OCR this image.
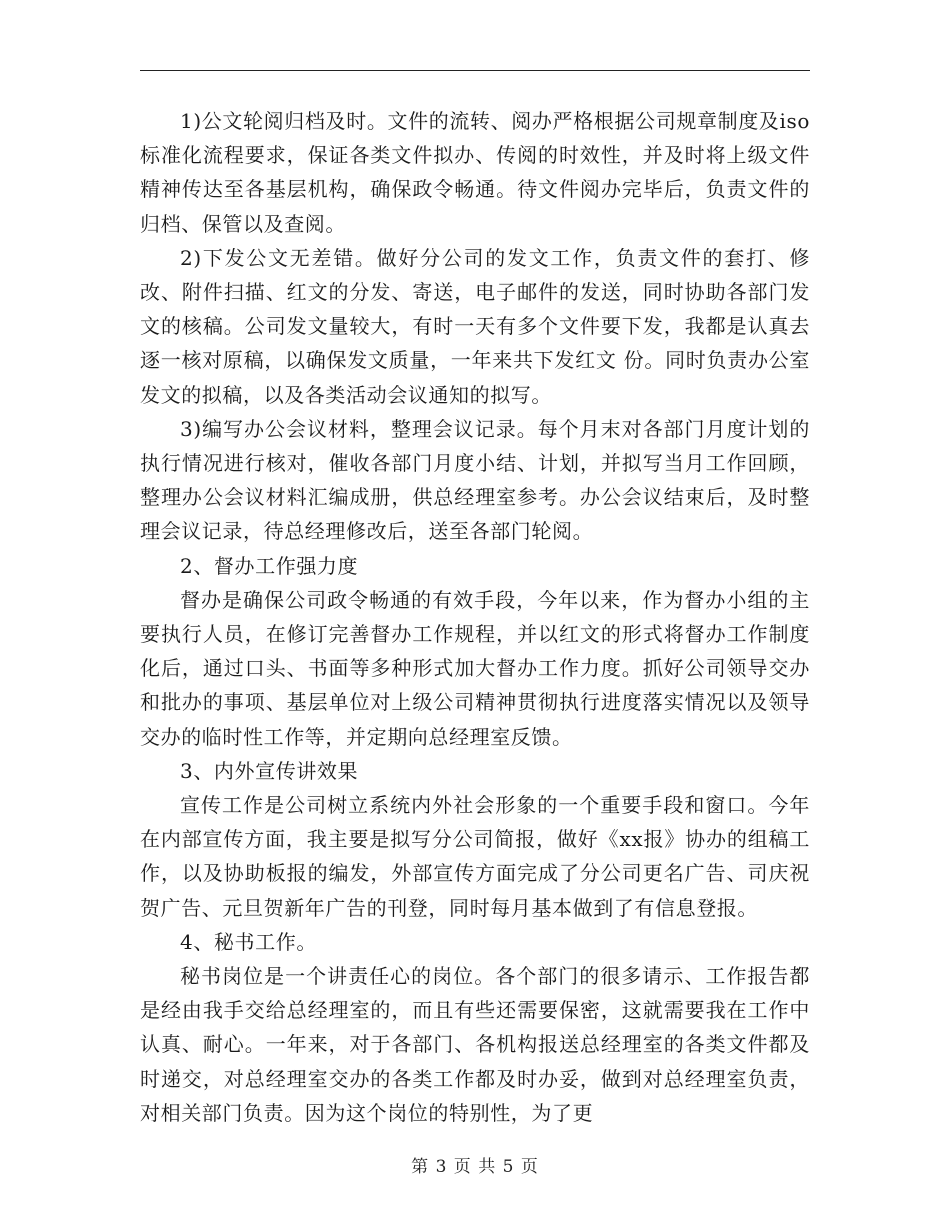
1)公文轮阅归档及时。文件的流转、阅办严格根据公司规章制度及iso标准化流程要求，保证各类文件拟办、传阅的时效性，并及时将上级文件精神传达至各基层机构，确保政令畅通。待文件阅办完毕后，负责文件的归档、保管以及查阅。

2)下发公文无差错。做好分公司的发文工作，负责文件的套打、修改、附件扫描、红文的分发、寄送，电子邮件的发送，同时协助各部门发文的核稿。公司发文量较大，有时一天有多个文件要下发，我都是认真去逐一核对原稿，以确保发文质量，一年来共下发红文 份。同时负责办公室发文的拟稿，以及各类活动会议通知的拟写。

3)编写办公会议材料，整理会议记录。每个月末对各部门月度计划的执行情况进行核对，催收各部门月度小结、计划，并拟写当月工作回顾，整理办公会议材料汇编成册，供总经理室参考。办公会议结束后，及时整理会议记录，待总经理修改后，送至各部门轮阅。

2、督办工作强力度

督办是确保公司政令畅通的有效手段，今年以来，作为督办小组的主要执行人员，在修订完善督办工作规程，并以红文的形式将督办工作制度化后，通过口头、书面等多种形式加大督办工作力度。抓好公司领导交办和批办的事项、基层单位对上级公司精神贯彻执行进度落实情况以及领导交办的临时性工作等，并定期向总经理室反馈。

3、内外宣传讲效果

宣传工作是公司树立系统内外社会形象的一个重要手段和窗口。今年在内部宣传方面，我主要是拟写分公司简报，做好《xx报》协办的组稿工作，以及协助板报的编发，外部宣传方面完成了分公司更名广告、司庆祝贺广告、元旦贺新年广告的刊登，同时每月基本做到了有信息登报。

4、秘书工作。

秘书岗位是一个讲责任心的岗位。各个部门的很多请示、工作报告都是经由我手交给总经理室的，而且有些还需要保密，这就需要我在工作中认真、耐心。一年来，对于各部门、各机构报送总经理室的各类文件都及时递交，对总经理室交办的各类工作都及时办妥，做到对总经理室负责，对相关部门负责。因为这个岗位的特别性，为了更

第 3 页 共 5 页
